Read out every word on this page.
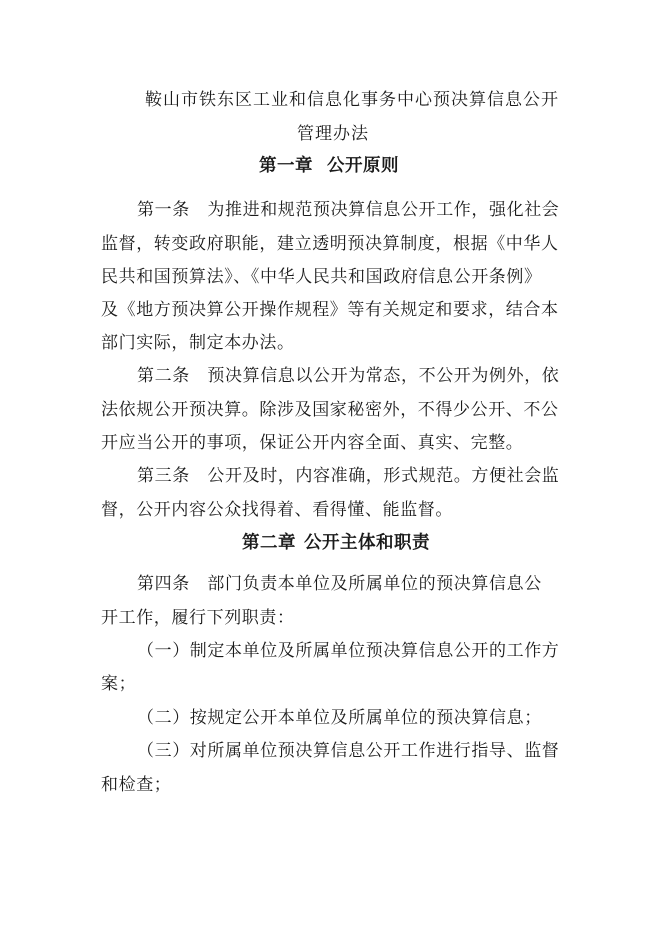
鞍山市铁东区工业和信息化事务中心预决算信息公开
管理办法
第一章 公开原则
第一条　为推进和规范预决算信息公开工作，强化社会
监督，转变政府职能，建立透明预决算制度，根据《中华人
民共和国预算法》、《中华人民共和国政府信息公开条例》
及《地方预决算公开操作规程》等有关规定和要求，结合本
部门实际，制定本办法。
第二条　预决算信息以公开为常态，不公开为例外，依
法依规公开预决算。除涉及国家秘密外，不得少公开、不公
开应当公开的事项，保证公开内容全面、真实、完整。
第三条　公开及时，内容准确，形式规范。方便社会监
督，公开内容公众找得着、看得懂、能监督。
第二章 公开主体和职责
第四条　部门负责本单位及所属单位的预决算信息公
开工作，履行下列职责：
（一）制定本单位及所属单位预决算信息公开的工作方
案；
（二）按规定公开本单位及所属单位的预决算信息；
（三）对所属单位预决算信息公开工作进行指导、监督
和检查；
